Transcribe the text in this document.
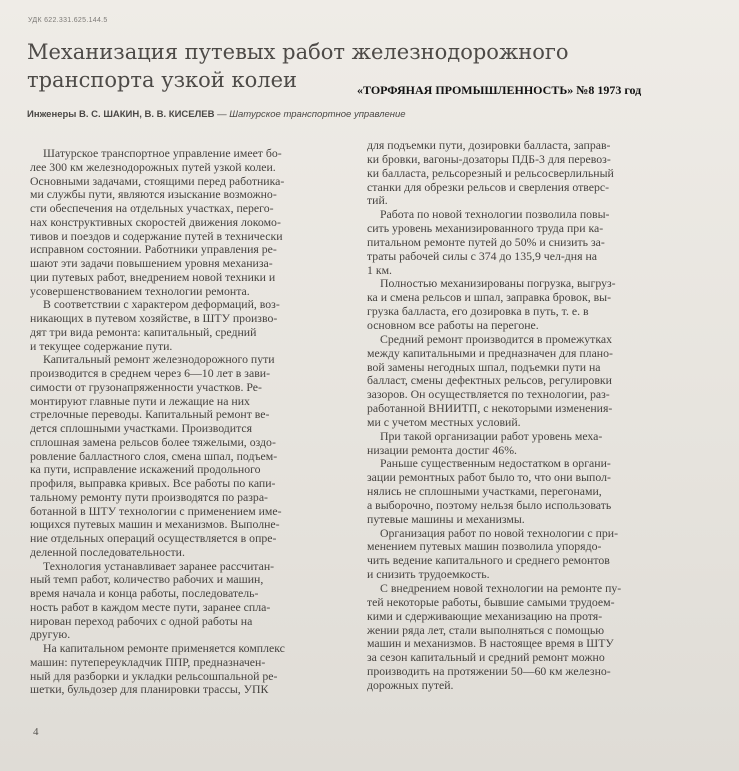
УДК 622.331.625.144.5
Механизация путевых работ железнодорожного
транспорта узкой колеи	«ТОРФЯНАЯ ПРОМЫШЛЕННОСТЬ» №8 1973 год
Инженеры В. С. ШАКИН, В. В. КИСЕЛЕВ — Шатурское транспортное управление
Шатурское транспортное управление имеет бо-
лее 300 км железнодорожных путей узкой колеи.
Основными задачами, стоящими перед работника-
ми службы пути, являются изыскание возможно-
сти обеспечения на отдельных участках, перего-
нах конструктивных скоростей движения локомо-
тивов и поездов и содержание путей в технически
исправном состоянии. Работники управления ре-
шают эти задачи повышением уровня механиза-
ции путевых работ, внедрением новой техники и
усовершенствованием технологии ремонта.
В соответствии с характером деформаций, воз-
никающих в путевом хозяйстве, в ШТУ произво-
дят три вида ремонта: капитальный, средний
и текущее содержание пути.
Капитальный ремонт железнодорожного пути
производится в среднем через 6—10 лет в зави-
симости от грузонапряженности участков. Ре-
монтируют главные пути и лежащие на них
стрелочные переводы. Капитальный ремонт ве-
дется сплошными участками. Производится
сплошная замена рельсов более тяжелыми, оздо-
ровление балластного слоя, смена шпал, подъем-
ка пути, исправление искажений продольного
профиля, выправка кривых. Все работы по капи-
тальному ремонту пути производятся по разра-
ботанной в ШТУ технологии с применением име-
ющихся путевых машин и механизмов. Выполне-
ние отдельных операций осуществляется в опре-
деленной последовательности.
Технология устанавливает заранее рассчитан-
ный темп работ, количество рабочих и машин,
время начала и конца работы, последователь-
ность работ в каждом месте пути, заранее спла-
нирован переход рабочих с одной работы на
другую.
На капитальном ремонте применяется комплекс
машин: путепереукладчик ППР, предназначен-
ный для разборки и укладки рельсошпальной ре-
шетки, бульдозер для планировки трассы, УПК
для подъемки пути, дозировки балласта, заправ-
ки бровки, вагоны-дозаторы ПДБ-3 для перевоз-
ки балласта, рельсорезный и рельсосверлильный
станки для обрезки рельсов и сверления отверс-
тий.
Работа по новой технологии позволила повы-
сить уровень механизированного труда при ка-
питальном ремонте путей до 50% и снизить за-
траты рабочей силы с 374 до 135,9 чел-дня на
1 км.
Полностью механизированы погрузка, выгруз-
ка и смена рельсов и шпал, заправка бровок, вы-
грузка балласта, его дозировка в путь, т. е. в
основном все работы на перегоне.
Средний ремонт производится в промежутках
между капитальными и предназначен для плано-
вой замены негодных шпал, подъемки пути на
балласт, смены дефектных рельсов, регулировки
зазоров. Он осуществляется по технологии, раз-
работанной ВНИИТП, с некоторыми изменения-
ми с учетом местных условий.
При такой организации работ уровень меха-
низации ремонта достиг 46%.
Раньше существенным недостатком в органи-
зации ремонтных работ было то, что они выпол-
нялись не сплошными участками, перегонами,
а выборочно, поэтому нельзя было использовать
путевые машины и механизмы.
Организация работ по новой технологии с при-
менением путевых машин позволила упорядо-
чить ведение капитального и среднего ремонтов
и снизить трудоемкость.
С внедрением новой технологии на ремонте пу-
тей некоторые работы, бывшие самыми трудоем-
кими и сдерживающие механизацию на протя-
жении ряда лет, стали выполняться с помощью
машин и механизмов. В настоящее время в ШТУ
за сезон капитальный и средний ремонт можно
производить на протяжении 50—60 км железно-
дорожных путей.
4
